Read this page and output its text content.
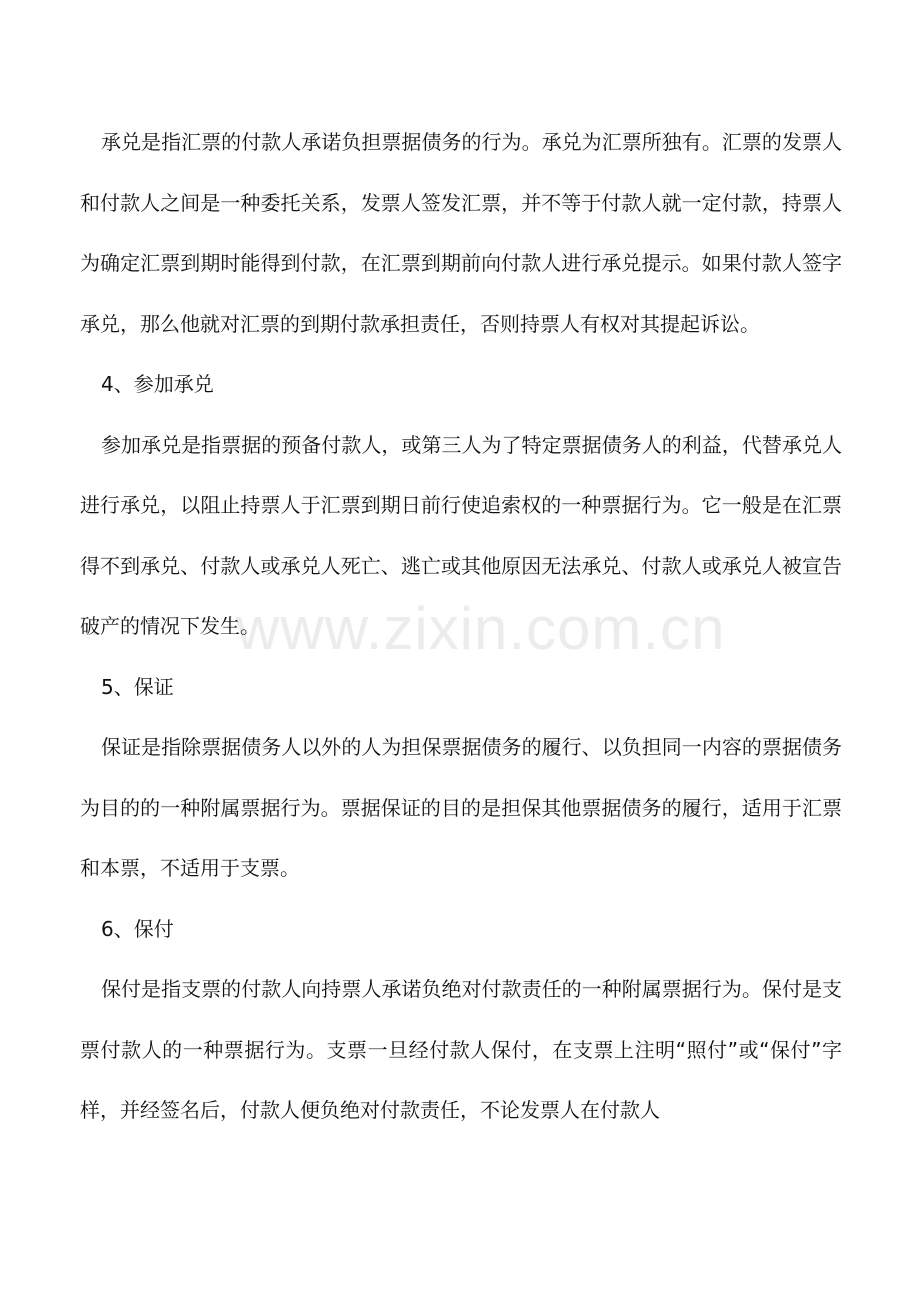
www.zixin.com.cn

承兑是指汇票的付款人承诺负担票据债务的行为。承兑为汇票所独有。汇票的发票人和付款人之间是一种委托关系，发票人签发汇票，并不等于付款人就一定付款，持票人为确定汇票到期时能得到付款，在汇票到期前向付款人进行承兑提示。如果付款人签字承兑，那么他就对汇票的到期付款承担责任，否则持票人有权对其提起诉讼。

4、参加承兑

参加承兑是指票据的预备付款人，或第三人为了特定票据债务人的利益，代替承兑人进行承兑，以阻止持票人于汇票到期日前行使追索权的一种票据行为。它一般是在汇票得不到承兑、付款人或承兑人死亡、逃亡或其他原因无法承兑、付款人或承兑人被宣告破产的情况下发生。

5、保证

保证是指除票据债务人以外的人为担保票据债务的履行、以负担同一内容的票据债务为目的的一种附属票据行为。票据保证的目的是担保其他票据债务的履行，适用于汇票和本票，不适用于支票。

6、保付

保付是指支票的付款人向持票人承诺负绝对付款责任的一种附属票据行为。保付是支票付款人的一种票据行为。支票一旦经付款人保付，在支票上注明“照付”或“保付”字样，并经签名后，付款人便负绝对付款责任，不论发票人在付款人
